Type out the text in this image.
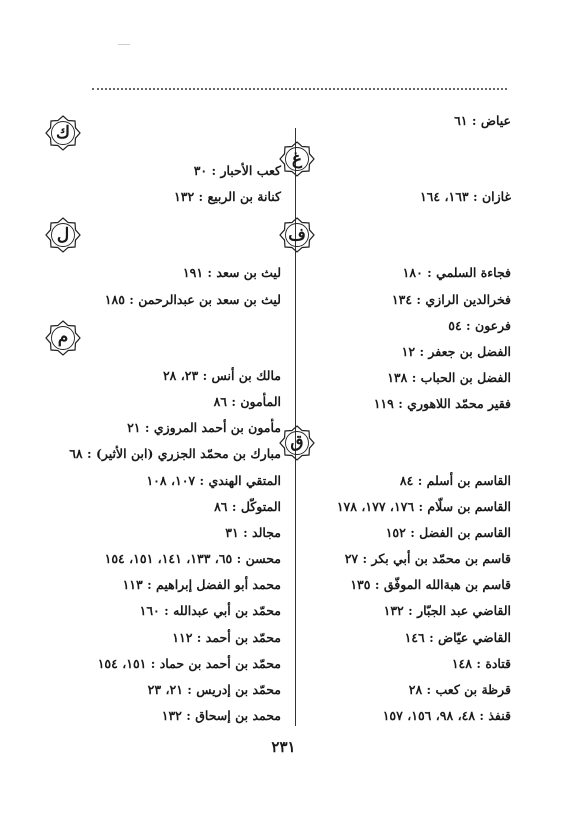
عياض : ٦١
غ
غازان : ١٦٣، ١٦٤
ف
فجاءة السلمي : ١٨٠
فخرالدين الرازي : ١٣٤
فرعون : ٥٤
الفضل بن جعفر : ١٢
الفضل بن الحباب : ١٣٨
فقير محمّد اللاهوري : ١١٩
ق
القاسم بن أسلم : ٨٤
القاسم بن سلّام : ١٧٦، ١٧٧، ١٧٨
القاسم بن الفضل : ١٥٢
قاسم بن محمّد بن أبي بكر : ٢٧
قاسم بن هبةالله الموفّق : ١٣٥
القاضي عبد الجبّار : ١٣٢
القاضي عيّاض : ١٤٦
قتادة : ١٤٨
قرظة بن كعب : ٢٨
قنفذ : ٤٨، ٩٨، ١٥٦، ١٥٧
ك
كعب الأحبار : ٣٠
كنانة بن الربيع : ١٣٢
ل
ليث بن سعد : ١٩١
ليث بن سعد بن عبدالرحمن : ١٨٥
م
مالك بن أنس : ٢٣، ٢٨
المأمون : ٨٦
مأمون بن أحمد المروزي : ٢١
مبارك بن محمّد الجزري (ابن الأثير) : ٦٨
المتقي الهندي : ١٠٧، ١٠٨
المتوكّل : ٨٦
مجالد : ٣١
محسن : ٦٥، ١٣٣، ١٤١، ١٥١، ١٥٤
محمد أبو الفضل إبراهيم : ١١٣
محمّد بن أبي عبدالله : ١٦٠
محمّد بن أحمد : ١١٢
محمّد بن أحمد بن حماد : ١٥١، ١٥٤
محمّد بن إدريس : ٢١، ٢٣
محمد بن إسحاق : ١٣٢
٢٣١
